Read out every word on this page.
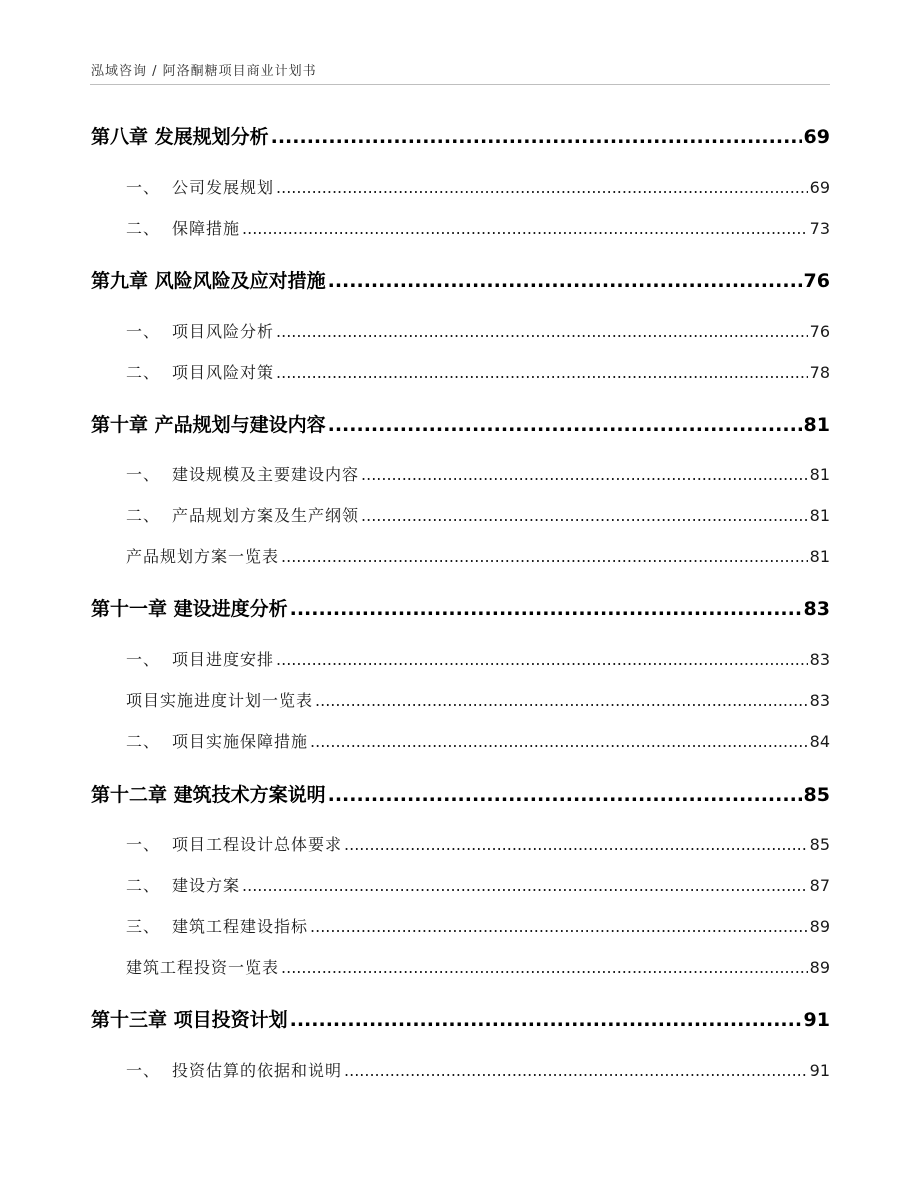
泓域咨询 / 阿洛酮糖项目商业计划书
第八章 发展规划分析 .....	69
一、 公司发展规划 .....	69
二、 保障措施 .....	73
第九章 风险风险及应对措施 .....	76
一、 项目风险分析 .....	76
二、 项目风险对策 .....	78
第十章 产品规划与建设内容 .....	81
一、 建设规模及主要建设内容 .....	81
二、 产品规划方案及生产纲领 .....	81
产品规划方案一览表 .....	81
第十一章 建设进度分析 .....	83
一、 项目进度安排 .....	83
项目实施进度计划一览表 .....	83
二、 项目实施保障措施 .....	84
第十二章 建筑技术方案说明 .....	85
一、 项目工程设计总体要求 .....	85
二、 建设方案 .....	87
三、 建筑工程建设指标 .....	89
建筑工程投资一览表 .....	89
第十三章 项目投资计划 .....	91
一、 投资估算的依据和说明 .....	91
